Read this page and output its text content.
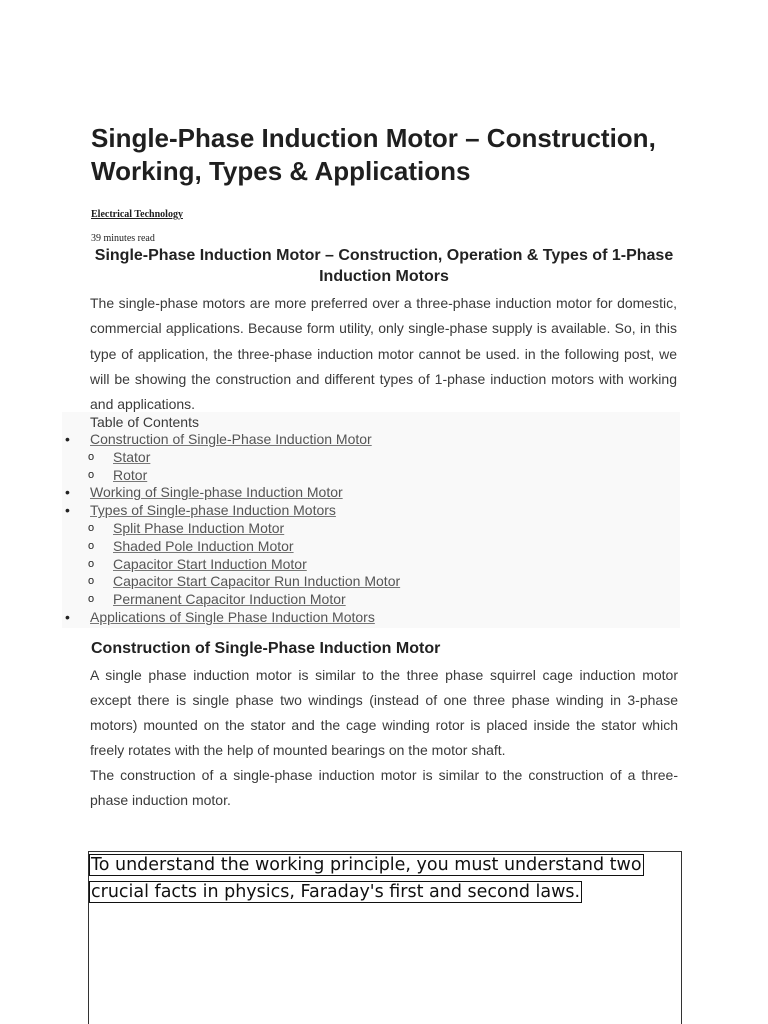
Single-Phase Induction Motor – Construction, Working, Types & Applications
Electrical Technology

39 minutes read

Single-Phase Induction Motor – Construction, Operation & Types of 1-Phase Induction Motors

The single-phase motors are more preferred over a three-phase induction motor for domestic, commercial applications. Because form utility, only single-phase supply is available. So, in this type of application, the three-phase induction motor cannot be used. in the following post, we will be showing the construction and different types of 1-phase induction motors with working and applications.

Table of Contents

• Construction of Single-Phase Induction Motor
o Stator
o Rotor
• Working of Single-phase Induction Motor
• Types of Single-phase Induction Motors
o Split Phase Induction Motor
o Shaded Pole Induction Motor
o Capacitor Start Induction Motor
o Capacitor Start Capacitor Run Induction Motor
o Permanent Capacitor Induction Motor
• Applications of Single Phase Induction Motors
Construction of Single-Phase Induction Motor

A single phase induction motor is similar to the three phase squirrel cage induction motor except there is single phase two windings (instead of one three phase winding in 3-phase motors) mounted on the stator and the cage winding rotor is placed inside the stator which freely rotates with the help of mounted bearings on the motor shaft.

The construction of a single-phase induction motor is similar to the construction of a three-phase induction motor.

To understand the working principle, you must understand two crucial facts in physics, Faraday's first and second laws.
